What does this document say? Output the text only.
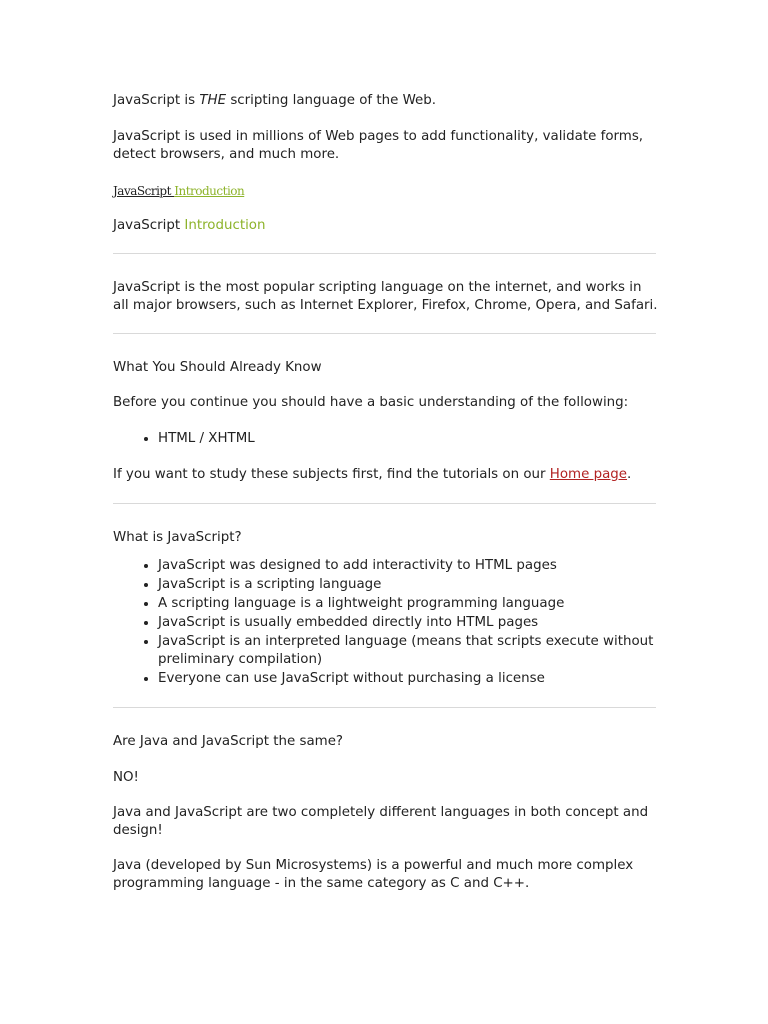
JavaScript is THE scripting language of the Web.

JavaScript is used in millions of Web pages to add functionality, validate forms, detect browsers, and much more.

JavaScript Introduction

JavaScript Introduction

JavaScript is the most popular scripting language on the internet, and works in all major browsers, such as Internet Explorer, Firefox, Chrome, Opera, and Safari.

What You Should Already Know

Before you continue you should have a basic understanding of the following:

• HTML / XHTML

If you want to study these subjects first, find the tutorials on our Home page.

What is JavaScript?

• JavaScript was designed to add interactivity to HTML pages
• JavaScript is a scripting language
• A scripting language is a lightweight programming language
• JavaScript is usually embedded directly into HTML pages
• JavaScript is an interpreted language (means that scripts execute without preliminary compilation)
• Everyone can use JavaScript without purchasing a license

Are Java and JavaScript the same?

NO!

Java and JavaScript are two completely different languages in both concept and design!

Java (developed by Sun Microsystems) is a powerful and much more complex programming language - in the same category as C and C++.
